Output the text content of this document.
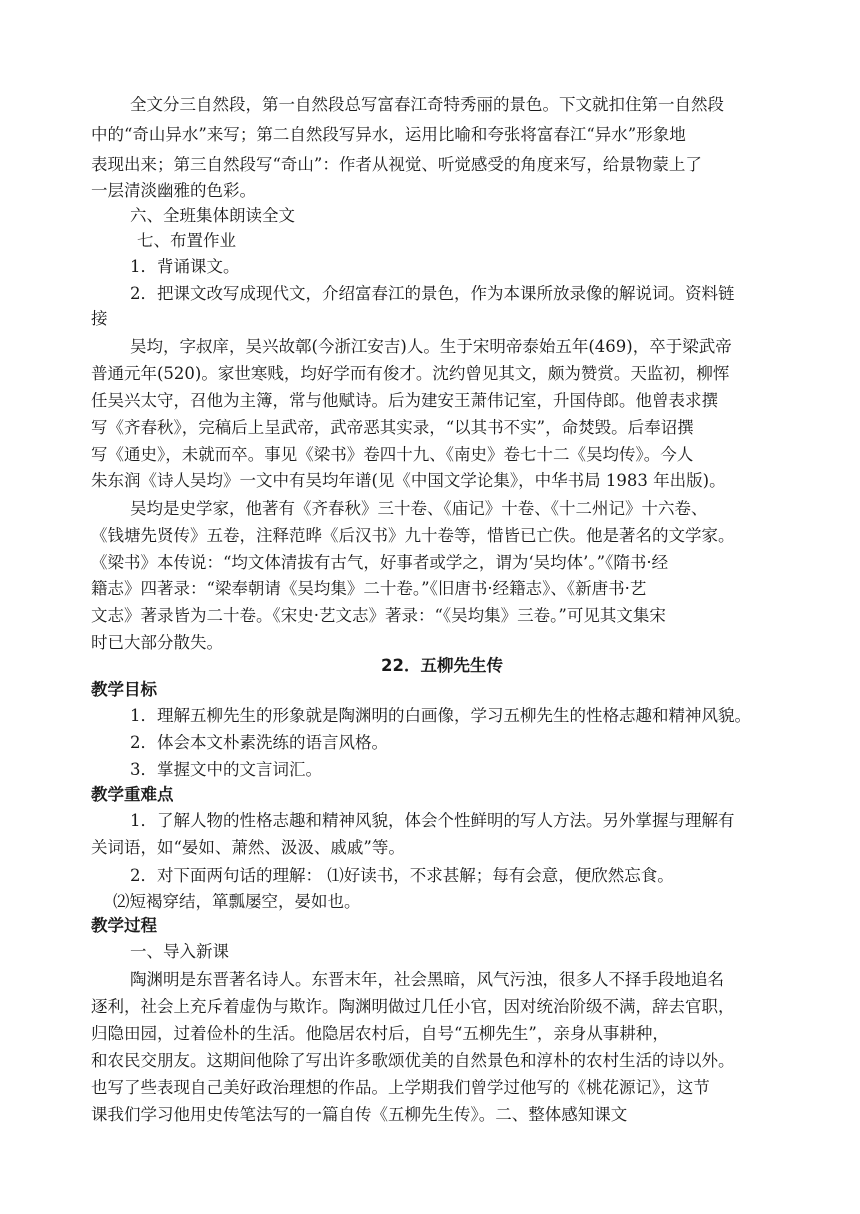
全文分三自然段，第一自然段总写富春江奇特秀丽的景色。下文就扣住第一自然段
中的“奇山异水”来写；第二自然段写异水，运用比喻和夸张将富春江“异水”形象地
表现出来；第三自然段写“奇山”：作者从视觉、听觉感受的角度来写，给景物蒙上了
一层清淡幽雅的色彩。
六、全班集体朗读全文
七、布置作业
1．背诵课文。
2．把课文改写成现代文，介绍富春江的景色，作为本课所放录像的解说词。资料链
接
吴均，字叔庠，吴兴故鄣(今浙江安吉)人。生于宋明帝泰始五年(469)，卒于梁武帝
普通元年(520)。家世寒贱，均好学而有俊才。沈约曾见其文，颇为赞赏。天监初，柳恽
任吴兴太守，召他为主簿，常与他赋诗。后为建安王萧伟记室，升国侍郎。他曾表求撰
写《齐春秋》，完稿后上呈武帝，武帝恶其实录，“以其书不实”，命焚毁。后奉诏撰
写《通史》，未就而卒。事见《梁书》卷四十九、《南史》卷七十二《吴均传》。今人
朱东润《诗人吴均》一文中有吴均年谱(见《中国文学论集》，中华书局 1983 年出版)。
吴均是史学家，他著有《齐春秋》三十卷、《庙记》十卷、《十二州记》十六卷、
《钱塘先贤传》五卷，注释范晔《后汉书》九十卷等，惜皆已亡佚。他是著名的文学家。
《梁书》本传说：“均文体清拔有古气，好事者或学之，谓为‘吴均体’。”《隋书·经
籍志》四著录：“梁奉朝请《吴均集》二十卷。”《旧唐书·经籍志》、《新唐书·艺
文志》著录皆为二十卷。《宋史·艺文志》著录：“《吴均集》三卷。”可见其文集宋
时已大部分散失。
22．五柳先生传
教学目标
1．理解五柳先生的形象就是陶渊明的白画像，学习五柳先生的性格志趣和精神风貌。
2．体会本文朴素洗练的语言风格。
3．掌握文中的文言词汇。
教学重难点
1．了解人物的性格志趣和精神风貌，体会个性鲜明的写人方法。另外掌握与理解有
关词语，如“晏如、萧然、汲汲、戚戚”等。
2．对下面两句话的理解： ⑴好读书，不求甚解；每有会意，便欣然忘食。
⑵短褐穿结，箪瓢屡空，晏如也。
教学过程
一、导入新课
陶渊明是东晋著名诗人。东晋末年，社会黑暗，风气污浊，很多人不择手段地追名
逐利，社会上充斥着虚伪与欺诈。陶渊明做过几任小官，因对统治阶级不满，辞去官职，
归隐田园，过着俭朴的生活。他隐居农村后，自号“五柳先生”，亲身从事耕种，
和农民交朋友。这期间他除了写出许多歌颂优美的自然景色和淳朴的农村生活的诗以外。
也写了些表现自己美好政治理想的作品。上学期我们曾学过他写的《桃花源记》，这节
课我们学习他用史传笔法写的一篇自传《五柳先生传》。二、整体感知课文
